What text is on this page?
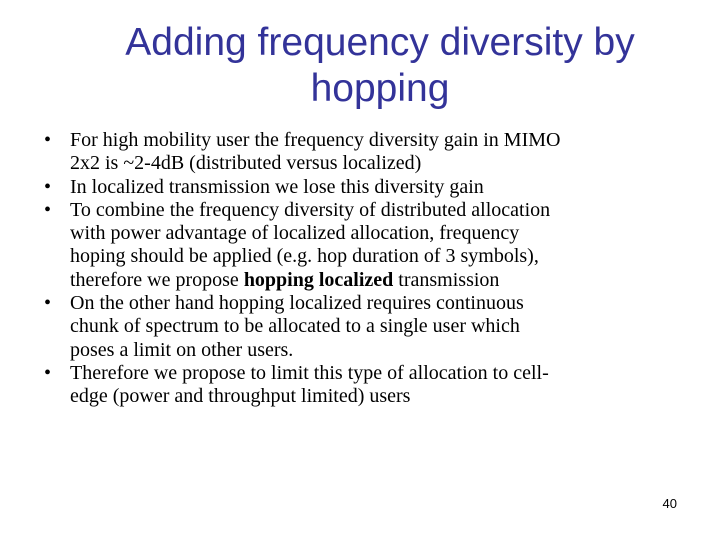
Adding frequency diversity by
hopping
• For high mobility user the frequency diversity gain in MIMO
2x2 is ~2-4dB (distributed versus localized)
• In localized transmission we lose this diversity gain
• To combine the frequency diversity of distributed allocation
with power advantage of localized allocation, frequency
hoping should be applied (e.g. hop duration of 3 symbols),
therefore we propose hopping localized transmission
• On the other hand hopping localized requires continuous
chunk of spectrum to be allocated to a single user which
poses a limit on other users.
• Therefore we propose to limit this type of allocation to cell-
edge (power and throughput limited) users
40
